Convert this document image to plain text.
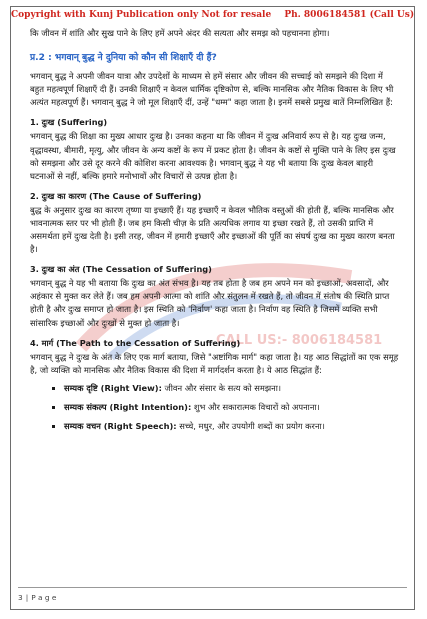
Copyright with Kunj Publication only Not for resale Ph. 8006184581 (Call Us)
CALL US:- 8006184581

कि जीवन में शांति और सुख पाने के लिए हमें अपने अंदर की सत्यता और समझ को पहचानना होगा।

प्र.2 : भगवान् बुद्ध ने दुनिया को कौन सी शिक्षाएँ दी हैं?

भगवान् बुद्ध ने अपनी जीवन यात्रा और उपदेशों के माध्यम से हमें संसार और जीवन की सच्चाई को समझने की दिशा में बहुत महत्वपूर्ण शिक्षाएँ दी हैं। उनकी शिक्षाएँ न केवल धार्मिक दृष्टिकोण से, बल्कि मानसिक और नैतिक विकास के लिए भी अत्यंत महत्वपूर्ण हैं। भगवान् बुद्ध ने जो मूल शिक्षाएँ दीं, उन्हें "धम्म" कहा जाता है। इनमें सबसे प्रमुख बातें निम्नलिखित हैं:

1. दुःख (Suffering)

भगवान् बुद्ध की शिक्षा का मुख्य आधार दुःख है। उनका कहना था कि जीवन में दुःख अनिवार्य रूप से है। यह दुःख जन्म, वृद्धावस्था, बीमारी, मृत्यु, और जीवन के अन्य कष्टों के रूप में प्रकट होता है। जीवन के कष्टों से मुक्ति पाने के लिए इस दुःख को समझना और उसे दूर करने की कोशिश करना आवश्यक है। भगवान् बुद्ध ने यह भी बताया कि दुःख केवल बाहरी घटनाओं से नहीं, बल्कि हमारे मनोभावों और विचारों से उत्पन्न होता है।

2. दुःख का कारण (The Cause of Suffering)

बुद्ध के अनुसार दुःख का कारण तृष्णा या इच्छाएँ हैं। यह इच्छाएँ न केवल भौतिक वस्तुओं की होती हैं, बल्कि मानसिक और भावनात्मक स्तर पर भी होती हैं। जब हम किसी चीज़ के प्रति अत्यधिक लगाव या इच्छा रखते हैं, तो उसकी प्राप्ति में असमर्थता हमें दुःख देती है। इसी तरह, जीवन में हमारी इच्छाएँ और इच्छाओं की पूर्ति का संघर्ष दुःख का मुख्य कारण बनता है।

3. दुःख का अंत (The Cessation of Suffering)

भगवान् बुद्ध ने यह भी बताया कि दुःख का अंत संभव है। यह तब होता है जब हम अपने मन को इच्छाओं, अवसादों, और अहंकार से मुक्त कर लेते हैं। जब हम अपनी आत्मा को शांति और संतुलन में रखते हैं, तो जीवन में संतोष की स्थिति प्राप्त होती है और दुःख समाप्त हो जाता है। इस स्थिति को 'निर्वाण' कहा जाता है। निर्वाण वह स्थिति है जिसमें व्यक्ति सभी सांसारिक इच्छाओं और दुःखों से मुक्त हो जाता है।

4. मार्ग (The Path to the Cessation of Suffering)

भगवान् बुद्ध ने दुःख के अंत के लिए एक मार्ग बताया, जिसे "अष्टांगिक मार्ग" कहा जाता है। यह आठ सिद्धांतों का एक समूह है, जो व्यक्ति को मानसिक और नैतिक विकास की दिशा में मार्गदर्शन करता है। ये आठ सिद्धांत हैं:

▪ सम्यक दृष्टि (Right View): जीवन और संसार के सत्य को समझना।
▪ सम्यक संकल्प (Right Intention): शुभ और सकारात्मक विचारों को अपनाना।
▪ सम्यक वचन (Right Speech): सच्चे, मधुर, और उपयोगी शब्दों का प्रयोग करना।
3 | P a g e
